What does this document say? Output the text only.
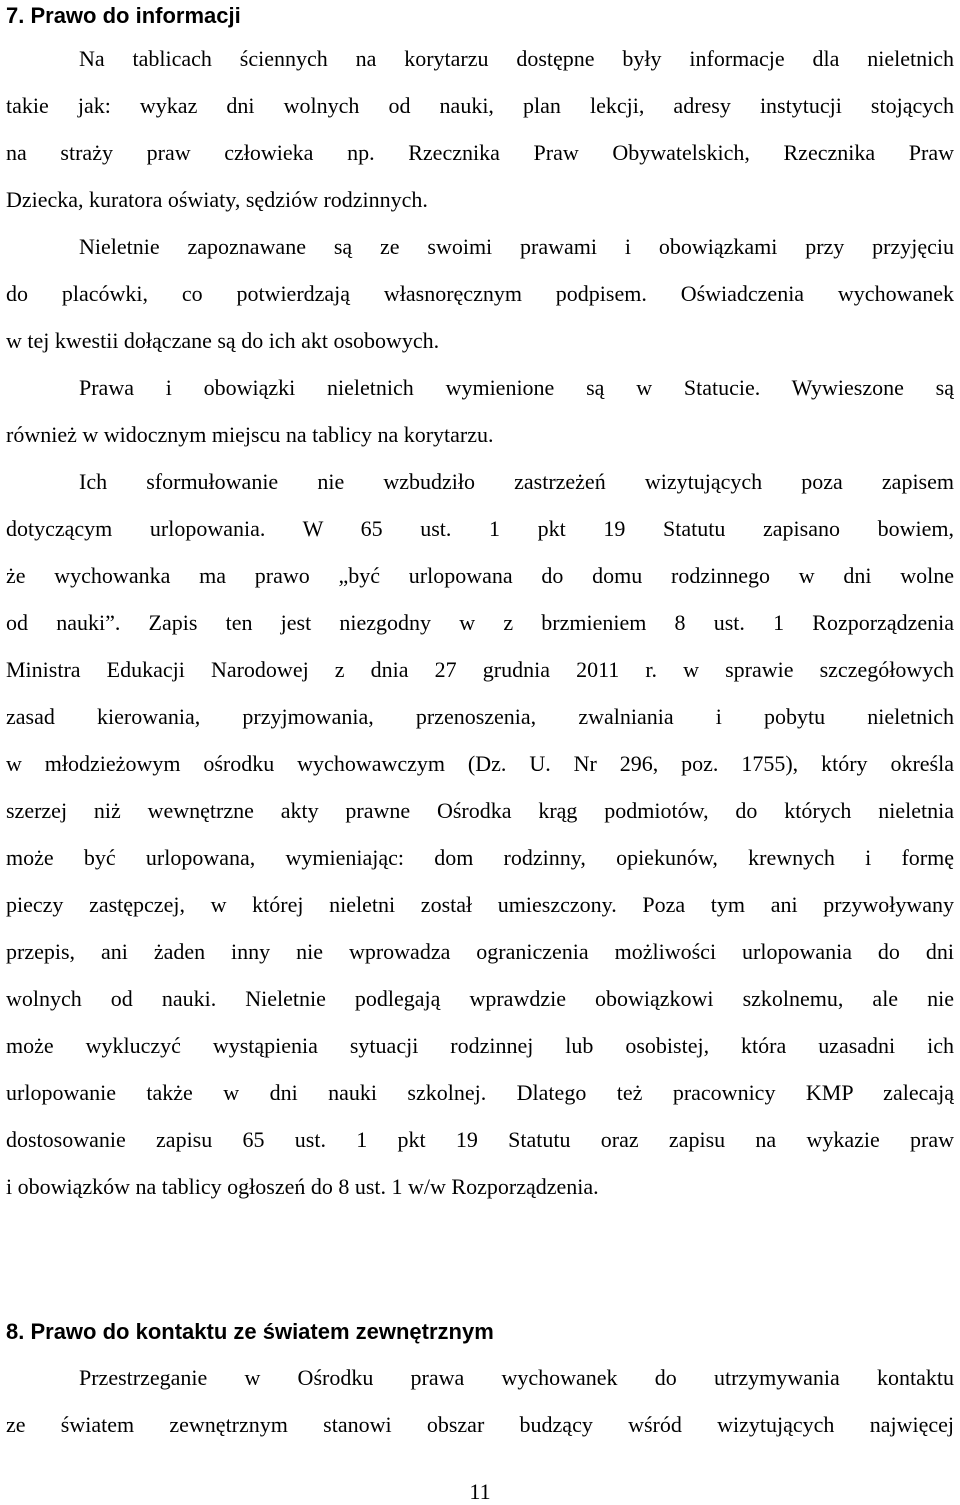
7. Prawo do informacji
Na tablicach ściennych na korytarzu dostępne były informacje dla nieletnich
takie jak: wykaz dni wolnych od nauki, plan lekcji, adresy instytucji stojących
na straży praw człowieka np. Rzecznika Praw Obywatelskich, Rzecznika Praw
Dziecka, kuratora oświaty, sędziów rodzinnych.
Nieletnie zapoznawane są ze swoimi prawami i obowiązkami przy przyjęciu
do placówki, co potwierdzają własnoręcznym podpisem. Oświadczenia wychowanek
w tej kwestii dołączane są do ich akt osobowych.
Prawa i obowiązki nieletnich wymienione są w Statucie. Wywieszone są
również w widocznym miejscu na tablicy na korytarzu.
Ich sformułowanie nie wzbudziło zastrzeżeń wizytujących poza zapisem
dotyczącym urlopowania. W 65 ust. 1 pkt 19 Statutu zapisano bowiem,
że wychowanka ma prawo „być urlopowana do domu rodzinnego w dni wolne
od nauki”. Zapis ten jest niezgodny w z brzmieniem 8 ust. 1 Rozporządzenia
Ministra Edukacji Narodowej z dnia 27 grudnia 2011 r. w sprawie szczegółowych
zasad kierowania, przyjmowania, przenoszenia, zwalniania i pobytu nieletnich
w młodzieżowym ośrodku wychowawczym (Dz. U. Nr 296, poz. 1755), który określa
szerzej niż wewnętrzne akty prawne Ośrodka krąg podmiotów, do których nieletnia
może być urlopowana, wymieniając: dom rodzinny, opiekunów, krewnych i formę
pieczy zastępczej, w której nieletni został umieszczony. Poza tym ani przywoływany
przepis, ani żaden inny nie wprowadza ograniczenia możliwości urlopowania do dni
wolnych od nauki. Nieletnie podlegają wprawdzie obowiązkowi szkolnemu, ale nie
może wykluczyć wystąpienia sytuacji rodzinnej lub osobistej, która uzasadni ich
urlopowanie także w dni nauki szkolnej. Dlatego też pracownicy KMP zalecają
dostosowanie zapisu 65 ust. 1 pkt 19 Statutu oraz zapisu na wykazie praw
i obowiązków na tablicy ogłoszeń do 8 ust. 1 w/w Rozporządzenia.
8. Prawo do kontaktu ze światem zewnętrznym
Przestrzeganie w Ośrodku prawa wychowanek do utrzymywania kontaktu
ze światem zewnętrznym stanowi obszar budzący wśród wizytujących najwięcej
11
